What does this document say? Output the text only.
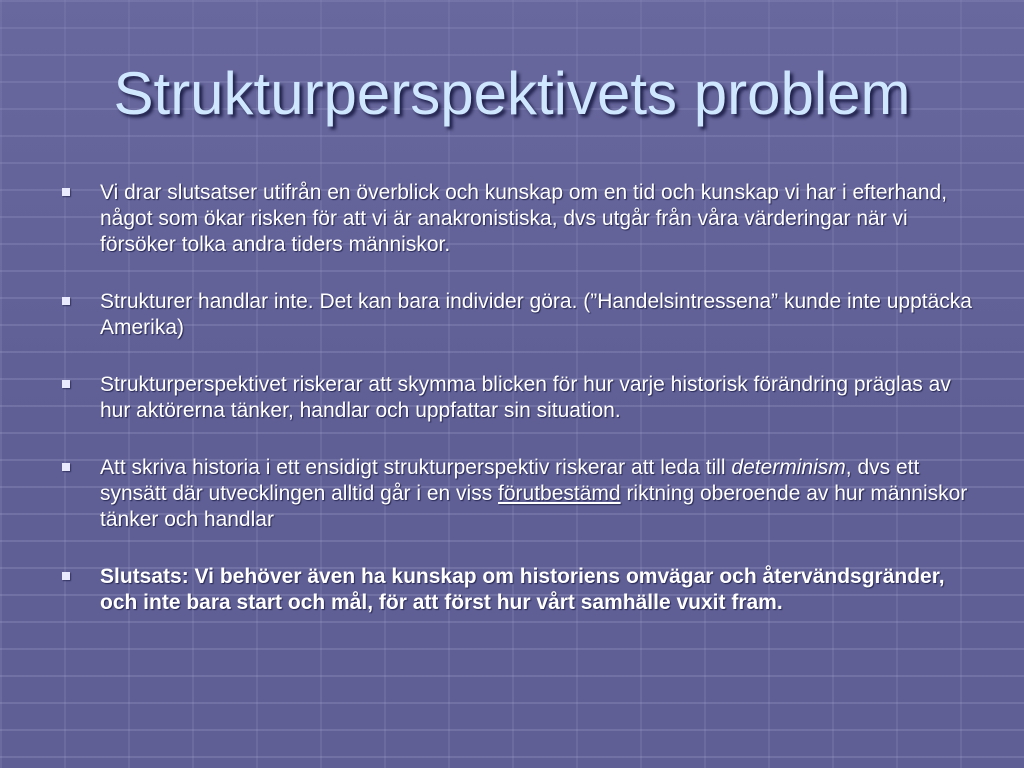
Strukturperspektivets problem
Vi drar slutsatser utifrån en överblick och kunskap om en tid och kunskap vi har i efterhand, något som ökar risken för att vi är anakronistiska, dvs utgår från våra värderingar när vi försöker tolka andra tiders människor.
Strukturer handlar inte. Det kan bara individer göra. (”Handelsintressena” kunde inte upptäcka Amerika)
Strukturperspektivet riskerar att skymma blicken för hur varje historisk förändring präglas av hur aktörerna tänker, handlar och uppfattar sin situation.
Att skriva historia i ett ensidigt strukturperspektiv riskerar att leda till determinism, dvs ett synsätt där utvecklingen alltid går i en viss förutbestämd riktning oberoende av hur människor tänker och handlar
Slutsats: Vi behöver även ha kunskap om historiens omvägar och återvändsgränder, och inte bara start och mål, för att först hur vårt samhälle vuxit fram.
